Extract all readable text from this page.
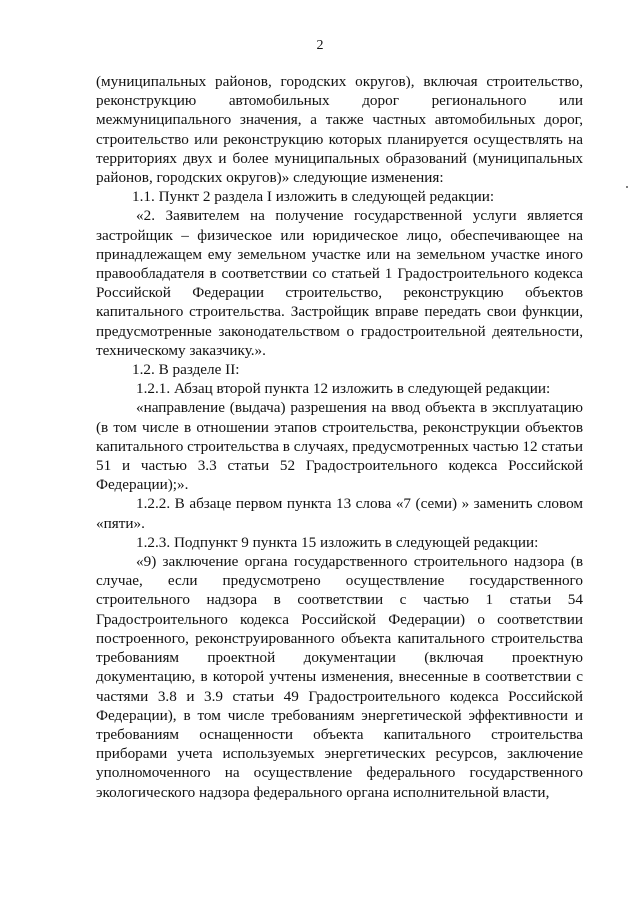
2

(муниципальных районов, городских округов), включая строительство, реконструкцию автомобильных дорог регионального или межмуниципального значения, а также частных автомобильных дорог, строительство или реконструкцию которых планируется осуществлять на территориях двух и более муниципальных образований (муниципальных районов, городских округов)» следующие изменения:

1.1. Пункт 2 раздела I изложить в следующей редакции:

«2. Заявителем на получение государственной услуги является застройщик – физическое или юридическое лицо, обеспечивающее на принадлежащем ему земельном участке или на земельном участке иного правообладателя в соответствии со статьей 1 Градостроительного кодекса Российской Федерации строительство, реконструкцию объектов капитального строительства. Застройщик вправе передать свои функции, предусмотренные законодательством о градостроительной деятельности, техническому заказчику.».

1.2. В разделе II:

1.2.1. Абзац второй пункта 12 изложить в следующей редакции:

«направление (выдача) разрешения на ввод объекта в эксплуатацию (в том числе в отношении этапов строительства, реконструкции объектов капитального строительства в случаях, предусмотренных частью 12 статьи 51 и частью 3.3 статьи 52 Градостроительного кодекса Российской Федерации);».

1.2.2. В абзаце первом пункта 13 слова «7 (семи) » заменить словом «пяти».

1.2.3. Подпункт 9 пункта 15 изложить в следующей редакции:

«9) заключение органа государственного строительного надзора (в случае, если предусмотрено осуществление государственного строительного надзора в соответствии с частью 1 статьи 54 Градостроительного кодекса Российской Федерации) о соответствии построенного, реконструированного объекта капитального строительства требованиям проектной документации (включая проектную документацию, в которой учтены изменения, внесенные в соответствии с частями 3.8 и 3.9 статьи 49 Градостроительного кодекса Российской Федерации), в том числе требованиям энергетической эффективности и требованиям оснащенности объекта капитального строительства приборами учета используемых энергетических ресурсов, заключение уполномоченного на осуществление федерального государственного экологического надзора федерального органа исполнительной власти,
